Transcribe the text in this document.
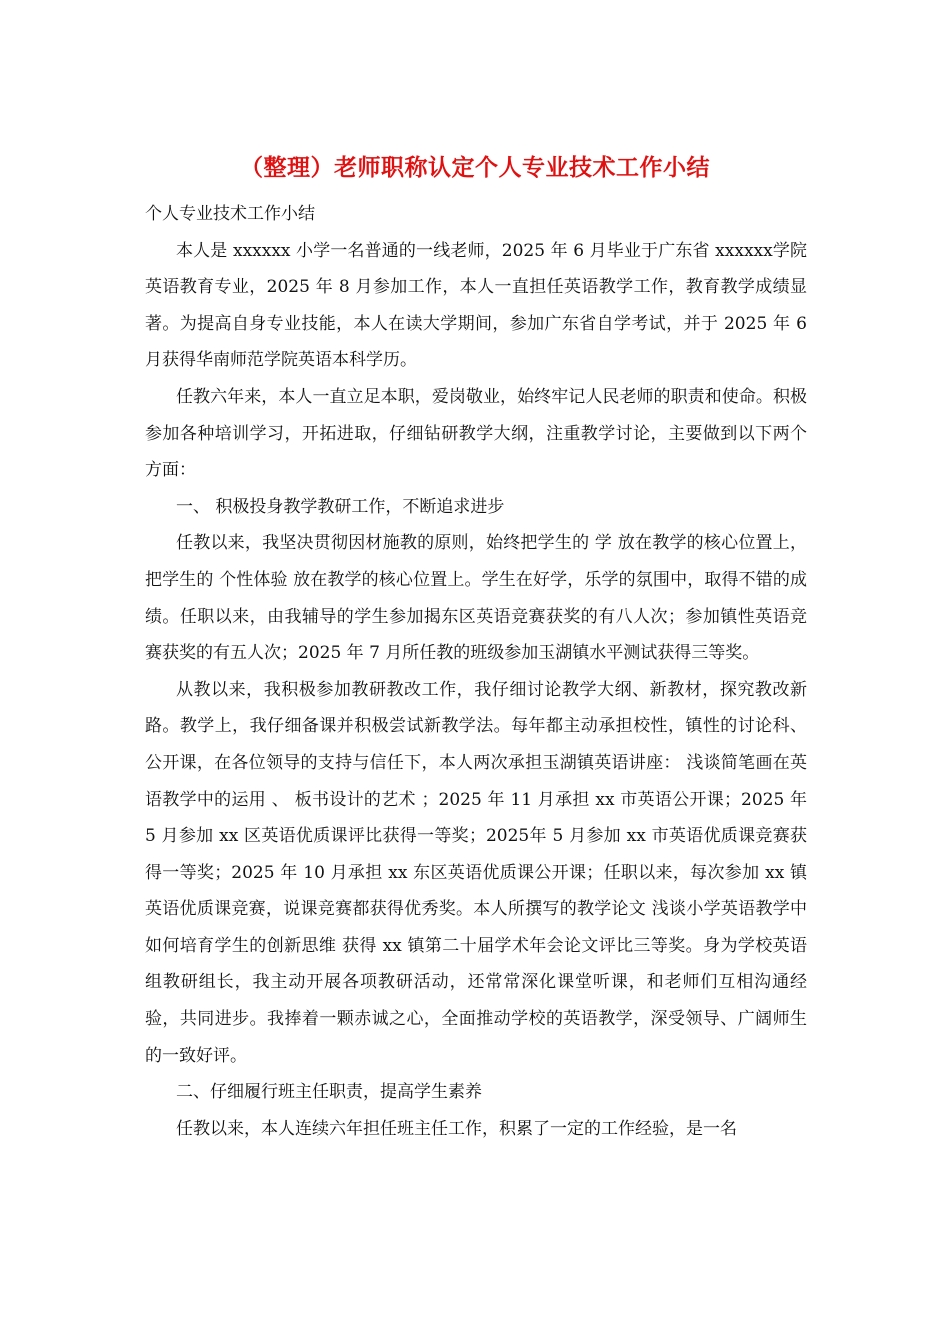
（整理）老师职称认定个人专业技术工作小结

个人专业技术工作小结

本人是 xxxxxx 小学一名普通的一线老师，2025 年 6 月毕业于广东省 xxxxxx学院英语教育专业，2025 年 8 月参加工作，本人一直担任英语教学工作，教育教学成绩显著。为提高自身专业技能，本人在读大学期间，参加广东省自学考试，并于 2025 年 6 月获得华南师范学院英语本科学历。

任教六年来，本人一直立足本职，爱岗敬业，始终牢记人民老师的职责和使命。积极参加各种培训学习，开拓进取，仔细钻研教学大纲，注重教学讨论，主要做到以下两个方面：

一、 积极投身教学教研工作，不断追求进步

任教以来，我坚决贯彻因材施教的原则，始终把学生的 学 放在教学的核心位置上，把学生的 个性体验 放在教学的核心位置上。学生在好学，乐学的氛围中，取得不错的成绩。任职以来，由我辅导的学生参加揭东区英语竞赛获奖的有八人次；参加镇性英语竞赛获奖的有五人次；2025 年 7 月所任教的班级参加玉湖镇水平测试获得三等奖。

从教以来，我积极参加教研教改工作，我仔细讨论教学大纲、新教材，探究教改新路。教学上，我仔细备课并积极尝试新教学法。每年都主动承担校性，镇性的讨论科、公开课，在各位领导的支持与信任下，本人两次承担玉湖镇英语讲座： 浅谈简笔画在英语教学中的运用 、 板书设计的艺术 ；2025 年 11 月承担 xx 市英语公开课；2025 年 5 月参加 xx 区英语优质课评比获得一等奖；2025年 5 月参加 xx 市英语优质课竞赛获得一等奖；2025 年 10 月承担 xx 东区英语优质课公开课；任职以来，每次参加 xx 镇英语优质课竞赛，说课竞赛都获得优秀奖。本人所撰写的教学论文 浅谈小学英语教学中如何培育学生的创新思维 获得 xx 镇第二十届学术年会论文评比三等奖。身为学校英语组教研组长，我主动开展各项教研活动，还常常深化课堂听课，和老师们互相沟通经验，共同进步。我捧着一颗赤诚之心，全面推动学校的英语教学，深受领导、广阔师生的一致好评。

二、仔细履行班主任职责，提高学生素养

任教以来，本人连续六年担任班主任工作，积累了一定的工作经验，是一名
